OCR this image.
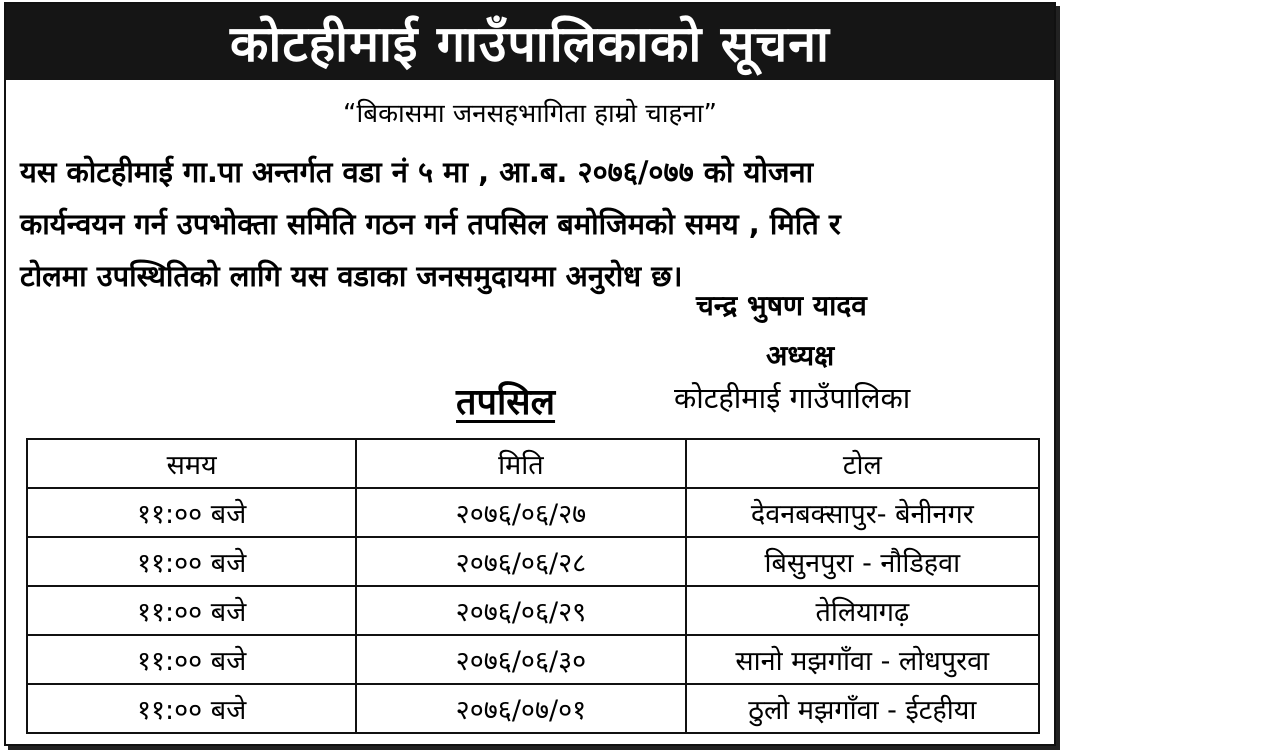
कोटहीमाई गाउँपालिकाको सूचना
“बिकासमा जनसहभागिता हाम्रो चाहना”
यस कोटहीमाई गा.पा अन्तर्गत वडा नं ५ मा , आ.ब. २०७६/०७७ को योजना
कार्यन्वयन गर्न उपभोक्ता समिति गठन गर्न तपसिल बमोजिमको समय , मिति र
टोलमा उपस्थितिको लागि यस वडाका जनसमुदायमा अनुरोध छ।
चन्द्र भुषण यादव
अध्यक्ष
तपसिल	कोटहीमाई गाउँपालिका
समय	मिति	टोल
११:०० बजे	२०७६/०६/२७	देवनबक्सापुर- बेनीनगर
११:०० बजे	२०७६/०६/२८	बिसुनपुरा - नौडिहवा
११:०० बजे	२०७६/०६/२९	तेलियागढ़
११:०० बजे	२०७६/०६/३०	सानो मझगाँवा - लोधपुरवा
११:०० बजे	२०७६/०७/०१	ठुलो मझगाँवा - ईटहीया
